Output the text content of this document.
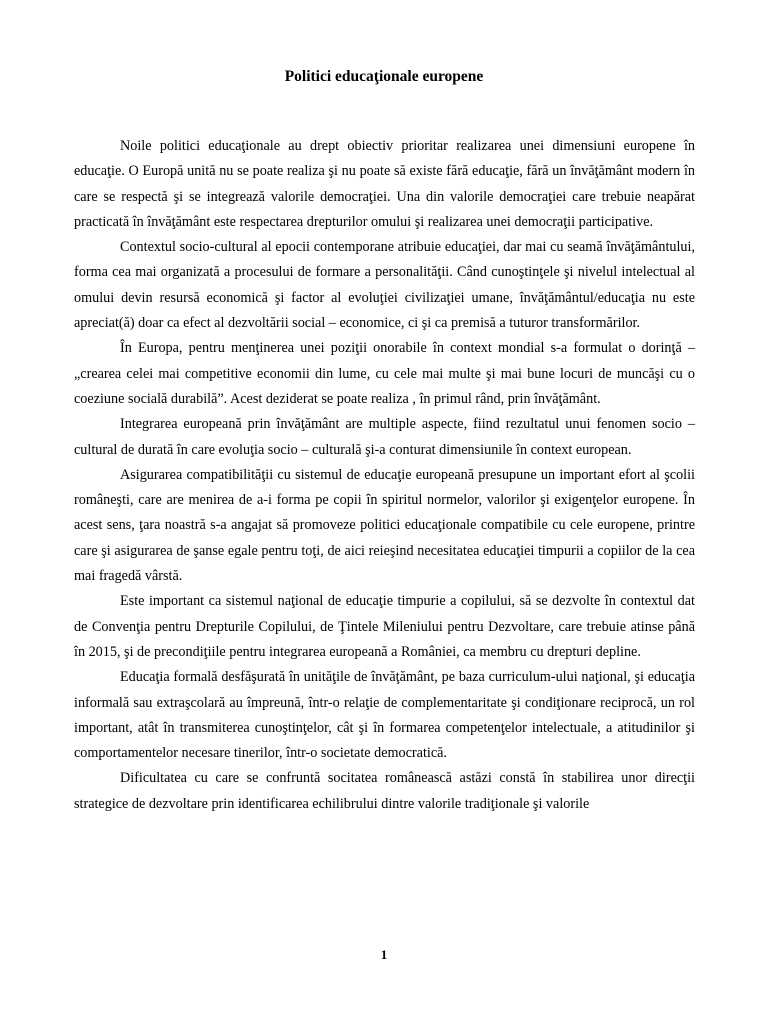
Politici educaţionale europene

Noile politici educaţionale au drept obiectiv prioritar realizarea unei dimensiuni europene în educaţie. O Europă unită nu se poate realiza şi nu poate să existe fără educaţie, fără un învăţământ modern în care se respectă şi se integrează valorile democraţiei. Una din valorile democraţiei care trebuie neapărat practicată în învăţământ este respectarea drepturilor omului şi realizarea unei democraţii participative.

Contextul socio-cultural al epocii contemporane atribuie educaţiei, dar mai cu seamă învăţământului, forma cea mai organizată a procesului de formare a personalităţii. Când cunoştinţele şi nivelul intelectual al omului devin resursă economică şi factor al evoluţiei civilizaţiei umane, învăţământul/educaţia nu este apreciat(ă) doar ca efect al dezvoltării social – economice, ci şi ca premisă a tuturor transformărilor.

În Europa, pentru menţinerea unei poziţii onorabile în context mondial s-a formulat o dorinţă – „crearea celei mai competitive economii din lume, cu cele mai multe şi mai bune locuri de muncăşi cu o coeziune socială durabilă”. Acest deziderat se poate realiza , în primul rând, prin învăţământ.

Integrarea europeană prin învăţământ are multiple aspecte, fiind rezultatul unui fenomen socio – cultural de durată în care evoluţia socio – culturală şi-a conturat dimensiunile în context european.

Asigurarea compatibilităţii cu sistemul de educaţie europeană presupune un important efort al şcolii româneşti, care are menirea de a-i forma pe copii în spiritul normelor, valorilor şi exigenţelor europene. În acest sens, ţara noastră s-a angajat să promoveze politici educaţionale compatibile cu cele europene, printre care şi asigurarea de şanse egale pentru toţi, de aici reieşind necesitatea educaţiei timpurii a copiilor de la cea mai fragedă vârstă.

Este important ca sistemul naţional de educaţie timpurie a copilului, să se dezvolte în contextul dat de Convenţia pentru Drepturile Copilului, de Ţintele Mileniului pentru Dezvoltare, care trebuie atinse până în 2015, şi de precondiţiile pentru integrarea europeană a României, ca membru cu drepturi depline.

Educaţia formală desfăşurată în unităţile de învăţământ, pe baza curriculum-ului naţional, şi educaţia informală sau extraşcolară au împreună, într-o relaţie de complementaritate şi condiţionare reciprocă, un rol important, atât în transmiterea cunoştinţelor, cât şi în formarea competenţelor intelectuale, a atitudinilor şi comportamentelor necesare tinerilor, într-o societate democratică.

Dificultatea cu care se confruntă socitatea românească astăzi constă în stabilirea unor direcţii strategice de dezvoltare prin identificarea echilibrului dintre valorile tradiţionale şi valorile

1
